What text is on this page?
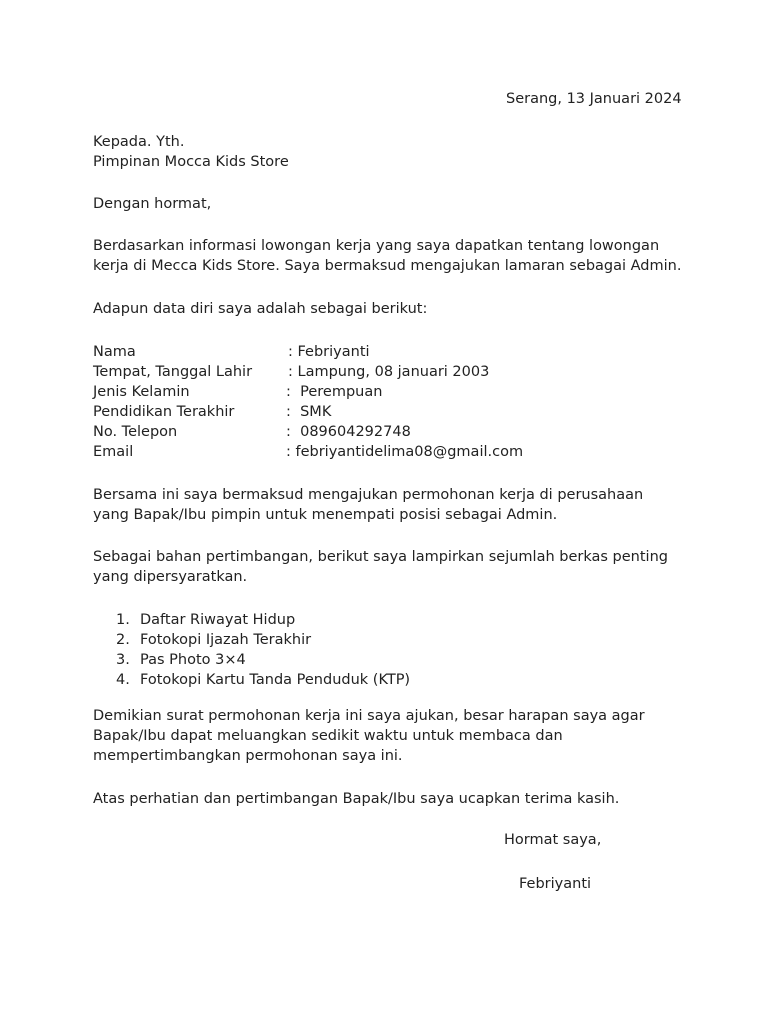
Serang, 13 Januari 2024
Kepada. Yth.
Pimpinan Mocca Kids Store
Dengan hormat,
Berdasarkan informasi lowongan kerja yang saya dapatkan tentang lowongan
kerja di Mecca Kids Store. Saya bermaksud mengajukan lamaran sebagai Admin.
Adapun data diri saya adalah sebagai berikut:
Nama	: Febriyanti
Tempat, Tanggal Lahir : Lampung, 08 januari 2003
Jenis Kelamin	:  Perempuan
Pendidikan Terakhir	:  SMK
No. Telepon	:  089604292748
Email	: febriyantidelima08@gmail.com
Bersama ini saya bermaksud mengajukan permohonan kerja di perusahaan
yang Bapak/Ibu pimpin untuk menempati posisi sebagai Admin.
Sebagai bahan pertimbangan, berikut saya lampirkan sejumlah berkas penting
yang dipersyaratkan.
1. Daftar Riwayat Hidup
2. Fotokopi Ijazah Terakhir
3. Pas Photo 3×4
4. Fotokopi Kartu Tanda Penduduk (KTP)
Demikian surat permohonan kerja ini saya ajukan, besar harapan saya agar
Bapak/Ibu dapat meluangkan sedikit waktu untuk membaca dan
mempertimbangkan permohonan saya ini.
Atas perhatian dan pertimbangan Bapak/Ibu saya ucapkan terima kasih.
Hormat saya,
Febriyanti
